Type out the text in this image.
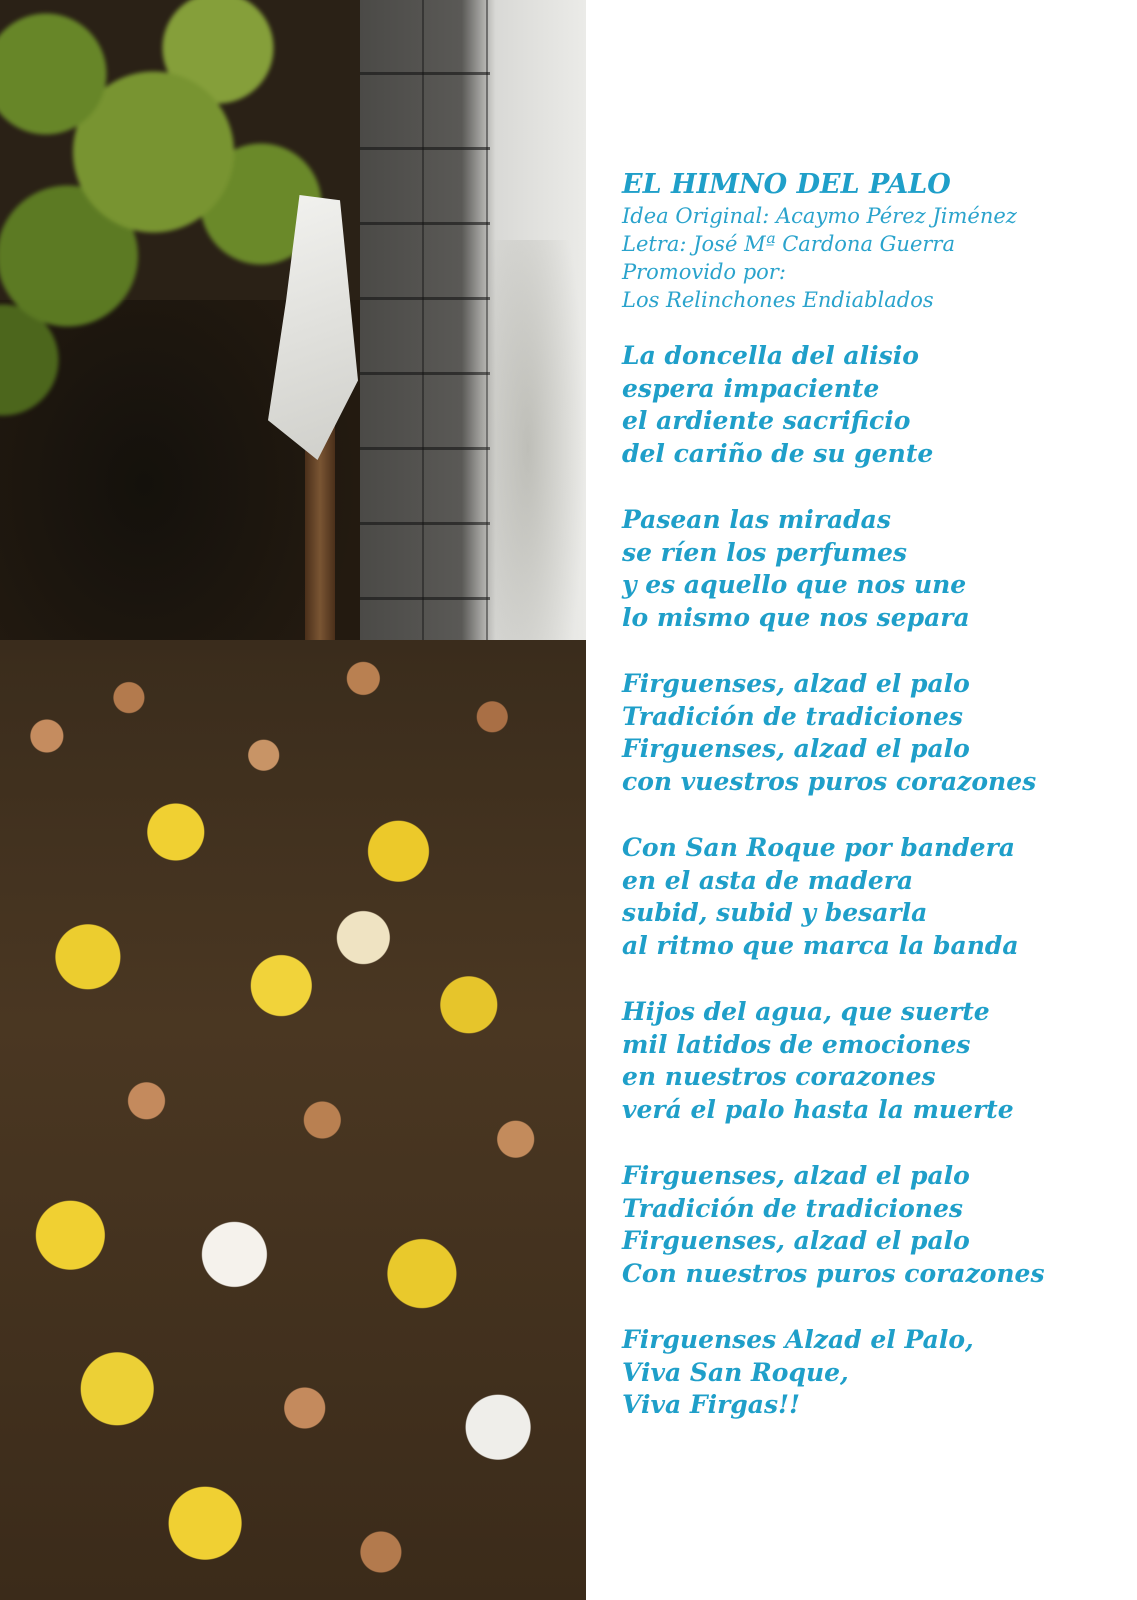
EL HIMNO DEL PALO

Idea Original: Acaymo Pérez Jiménez

Letra: José Mª Cardona Guerra

Promovido por:

Los Relinchones Endiablados

La doncella del alisio
espera impaciente
el ardiente sacrificio
del cariño de su gente
Pasean las miradas
se ríen los perfumes
y es aquello que nos une
lo mismo que nos separa
Firguenses, alzad el palo
Tradición de tradiciones
Firguenses, alzad el palo
con vuestros puros corazones
Con San Roque por bandera
en el asta de madera
subid, subid y besarla
al ritmo que marca la banda
Hijos del agua, que suerte
mil latidos de emociones
en nuestros corazones
verá el palo hasta la muerte
Firguenses, alzad el palo
Tradición de tradiciones
Firguenses, alzad el palo
Con nuestros puros corazones
Firguenses Alzad el Palo,
Viva San Roque,
Viva Firgas!!
